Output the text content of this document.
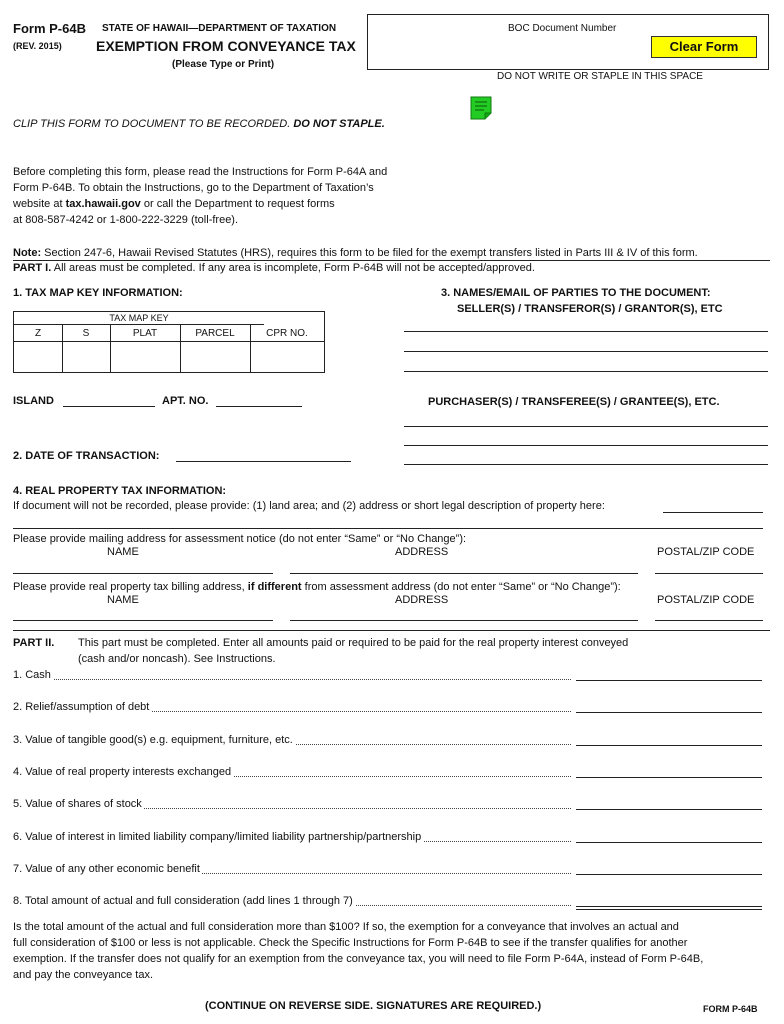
Form P-64B
(REV. 2015)
STATE OF HAWAII—DEPARTMENT OF TAXATION
EXEMPTION FROM CONVEYANCE TAX
(Please Type or Print)
BOC Document Number
Clear Form
DO NOT WRITE OR STAPLE IN THIS SPACE
CLIP THIS FORM TO DOCUMENT TO BE RECORDED. DO NOT STAPLE.
Before completing this form, please read the Instructions for Form P-64A and
Form P-64B. To obtain the Instructions, go to the Department of Taxation’s
website at tax.hawaii.gov or call the Department to request forms
at 808-587-4242 or 1-800-222-3229 (toll-free).
Note: Section 247-6, Hawaii Revised Statutes (HRS), requires this form to be filed for the exempt transfers listed in Parts III & IV of this form.
PART I. All areas must be completed. If any area is incomplete, Form P-64B will not be accepted/approved.
1. TAX MAP KEY INFORMATION:
TAX MAP KEY
Z	S	PLAT	PARCEL	CPR NO.
3. NAMES/EMAIL OF PARTIES TO THE DOCUMENT:
SELLER(S) / TRANSFEROR(S) / GRANTOR(S), ETC
PURCHASER(S) / TRANSFEREE(S) / GRANTEE(S), ETC.
ISLAND	APT. NO.
2. DATE OF TRANSACTION:
4. REAL PROPERTY TAX INFORMATION:
If document will not be recorded, please provide: (1) land area; and (2) address or short legal description of property here:
Please provide mailing address for assessment notice (do not enter “Same” or “No Change”):
NAME	ADDRESS	POSTAL/ZIP CODE
Please provide real property tax billing address, if different from assessment address (do not enter “Same” or “No Change”):
NAME	ADDRESS	POSTAL/ZIP CODE
PART II. This part must be completed. Enter all amounts paid or required to be paid for the real property interest conveyed
(cash and/or noncash). See Instructions.
1. Cash
2. Relief/assumption of debt
3. Value of tangible good(s) e.g. equipment, furniture, etc.
4. Value of real property interests exchanged
5. Value of shares of stock
6. Value of interest in limited liability company/limited liability partnership/partnership
7. Value of any other economic benefit
8. Total amount of actual and full consideration (add lines 1 through 7)
Is the total amount of the actual and full consideration more than $100? If so, the exemption for a conveyance that involves an actual and
full consideration of $100 or less is not applicable. Check the Specific Instructions for Form P-64B to see if the transfer qualifies for another
exemption. If the transfer does not qualify for an exemption from the conveyance tax, you will need to file Form P-64A, instead of Form P-64B,
and pay the conveyance tax.
(CONTINUE ON REVERSE SIDE. SIGNATURES ARE REQUIRED.)	FORM P-64B
